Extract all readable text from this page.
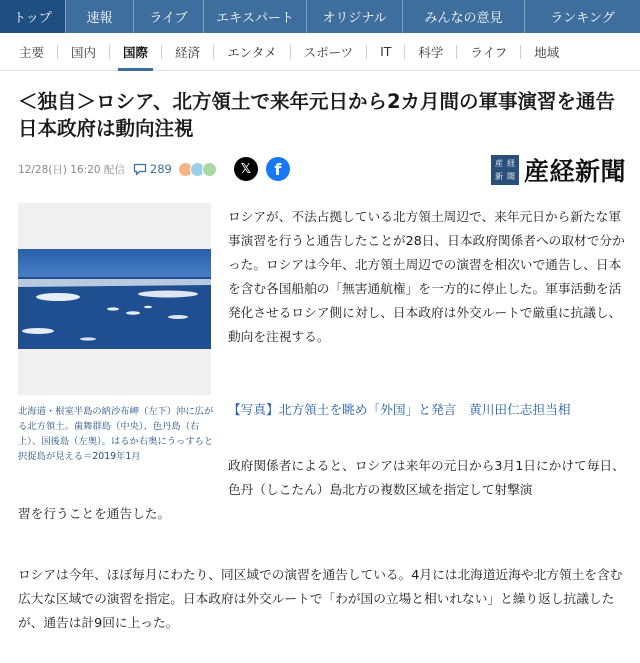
トップ	速報	ライブ	エキスパート	オリジナル	みんなの意見	ランキング
主要	国内	国際	経済	エンタメ	スポーツ	IT	科学	ライフ	地域
＜独自＞ロシア、北方領土で来年元日から2カ月間の軍事演習を通告　日本政府は動向注視
12/28(日) 16:20 配信 289	𝕏	f	産 経
新 聞 産経新聞

北海道・根室半島の納沙布岬（左下）沖に広がる北方領土。歯舞群島（中央）、色丹島（右上）、国後島（左奥）。はるか右奥にうっすらと択捉島が見える＝2019年1月

ロシアが、不法占拠している北方領土周辺で、来年元日から新たな軍事演習を行うと通告したことが28日、日本政府関係者への取材で分かった。ロシアは今年、北方領土周辺での演習を相次いで通告し、日本を含む各国船舶の「無害通航権」を一方的に停止した。軍事活動を活発化させるロシア側に対し、日本政府は外交ルートで厳重に抗議し、動向を注視する。

【写真】北方領土を眺め「外国」と発言　黄川田仁志担当相

政府関係者によると、ロシアは来年の元日から3月1日にかけて毎日、色丹（しこたん）島北方の複数区域を指定して射撃演
習を行うことを通告した。

ロシアは今年、ほぼ毎月にわたり、同区域での演習を通告している。4月には北海道近海や北方領土を含む広大な区域での演習を指定。日本政府は外交ルートで「わが国の立場と相いれない」と繰り返し抗議したが、通告は計9回に上った。
